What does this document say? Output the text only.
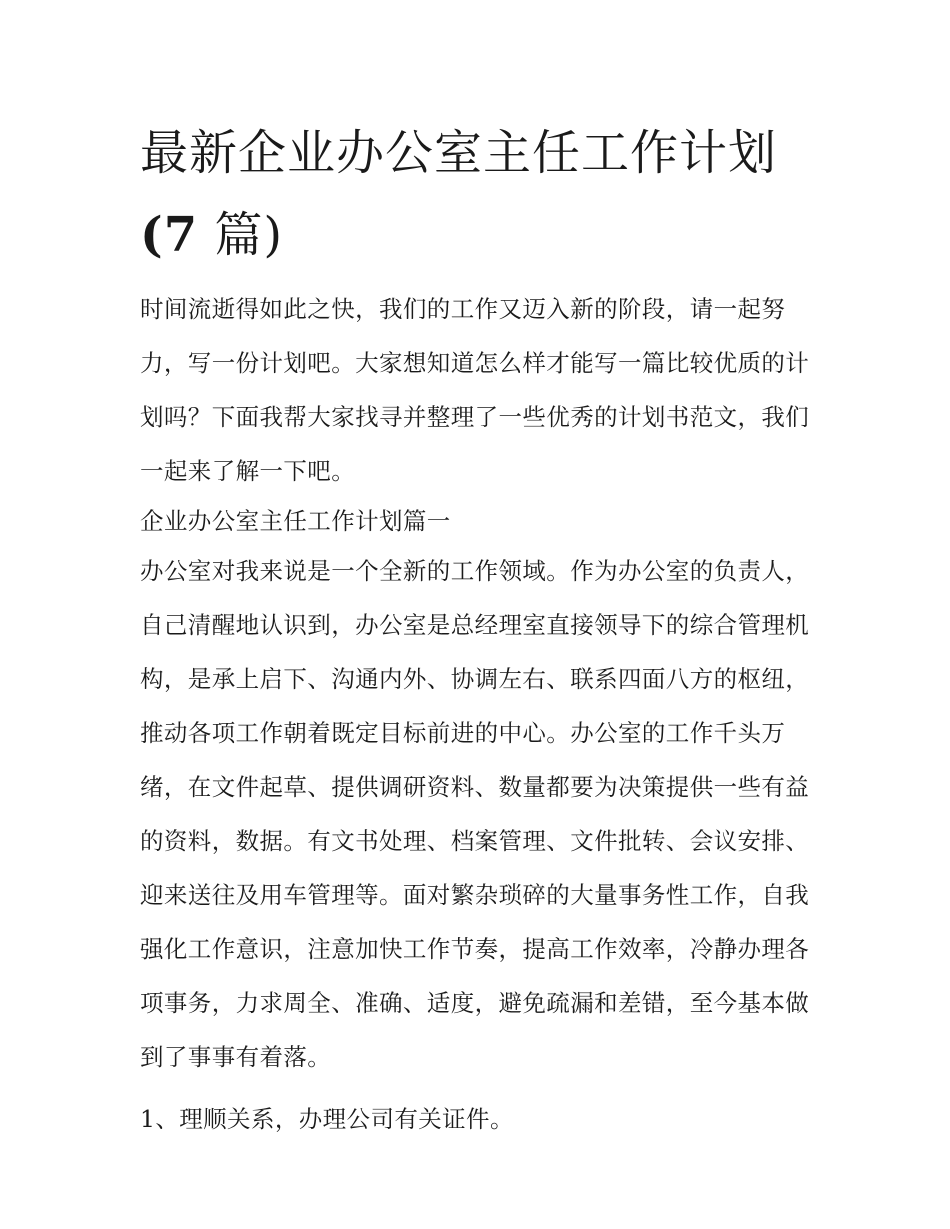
最新企业办公室主任工作计划
(7 篇)

时间流逝得如此之快，我们的工作又迈入新的阶段，请一起努力，写一份计划吧。大家想知道怎么样才能写一篇比较优质的计划吗？下面我帮大家找寻并整理了一些优秀的计划书范文，我们一起来了解一下吧。

企业办公室主任工作计划篇一

办公室对我来说是一个全新的工作领域。作为办公室的负责人，自己清醒地认识到，办公室是总经理室直接领导下的综合管理机构，是承上启下、沟通内外、协调左右、联系四面八方的枢纽，推动各项工作朝着既定目标前进的中心。办公室的工作千头万绪，在文件起草、提供调研资料、数量都要为决策提供一些有益的资料，数据。有文书处理、档案管理、文件批转、会议安排、迎来送往及用车管理等。面对繁杂琐碎的大量事务性工作，自我强化工作意识，注意加快工作节奏，提高工作效率，冷静办理各项事务，力求周全、准确、适度，避免疏漏和差错，至今基本做到了事事有着落。

1、理顺关系，办理公司有关证件。
